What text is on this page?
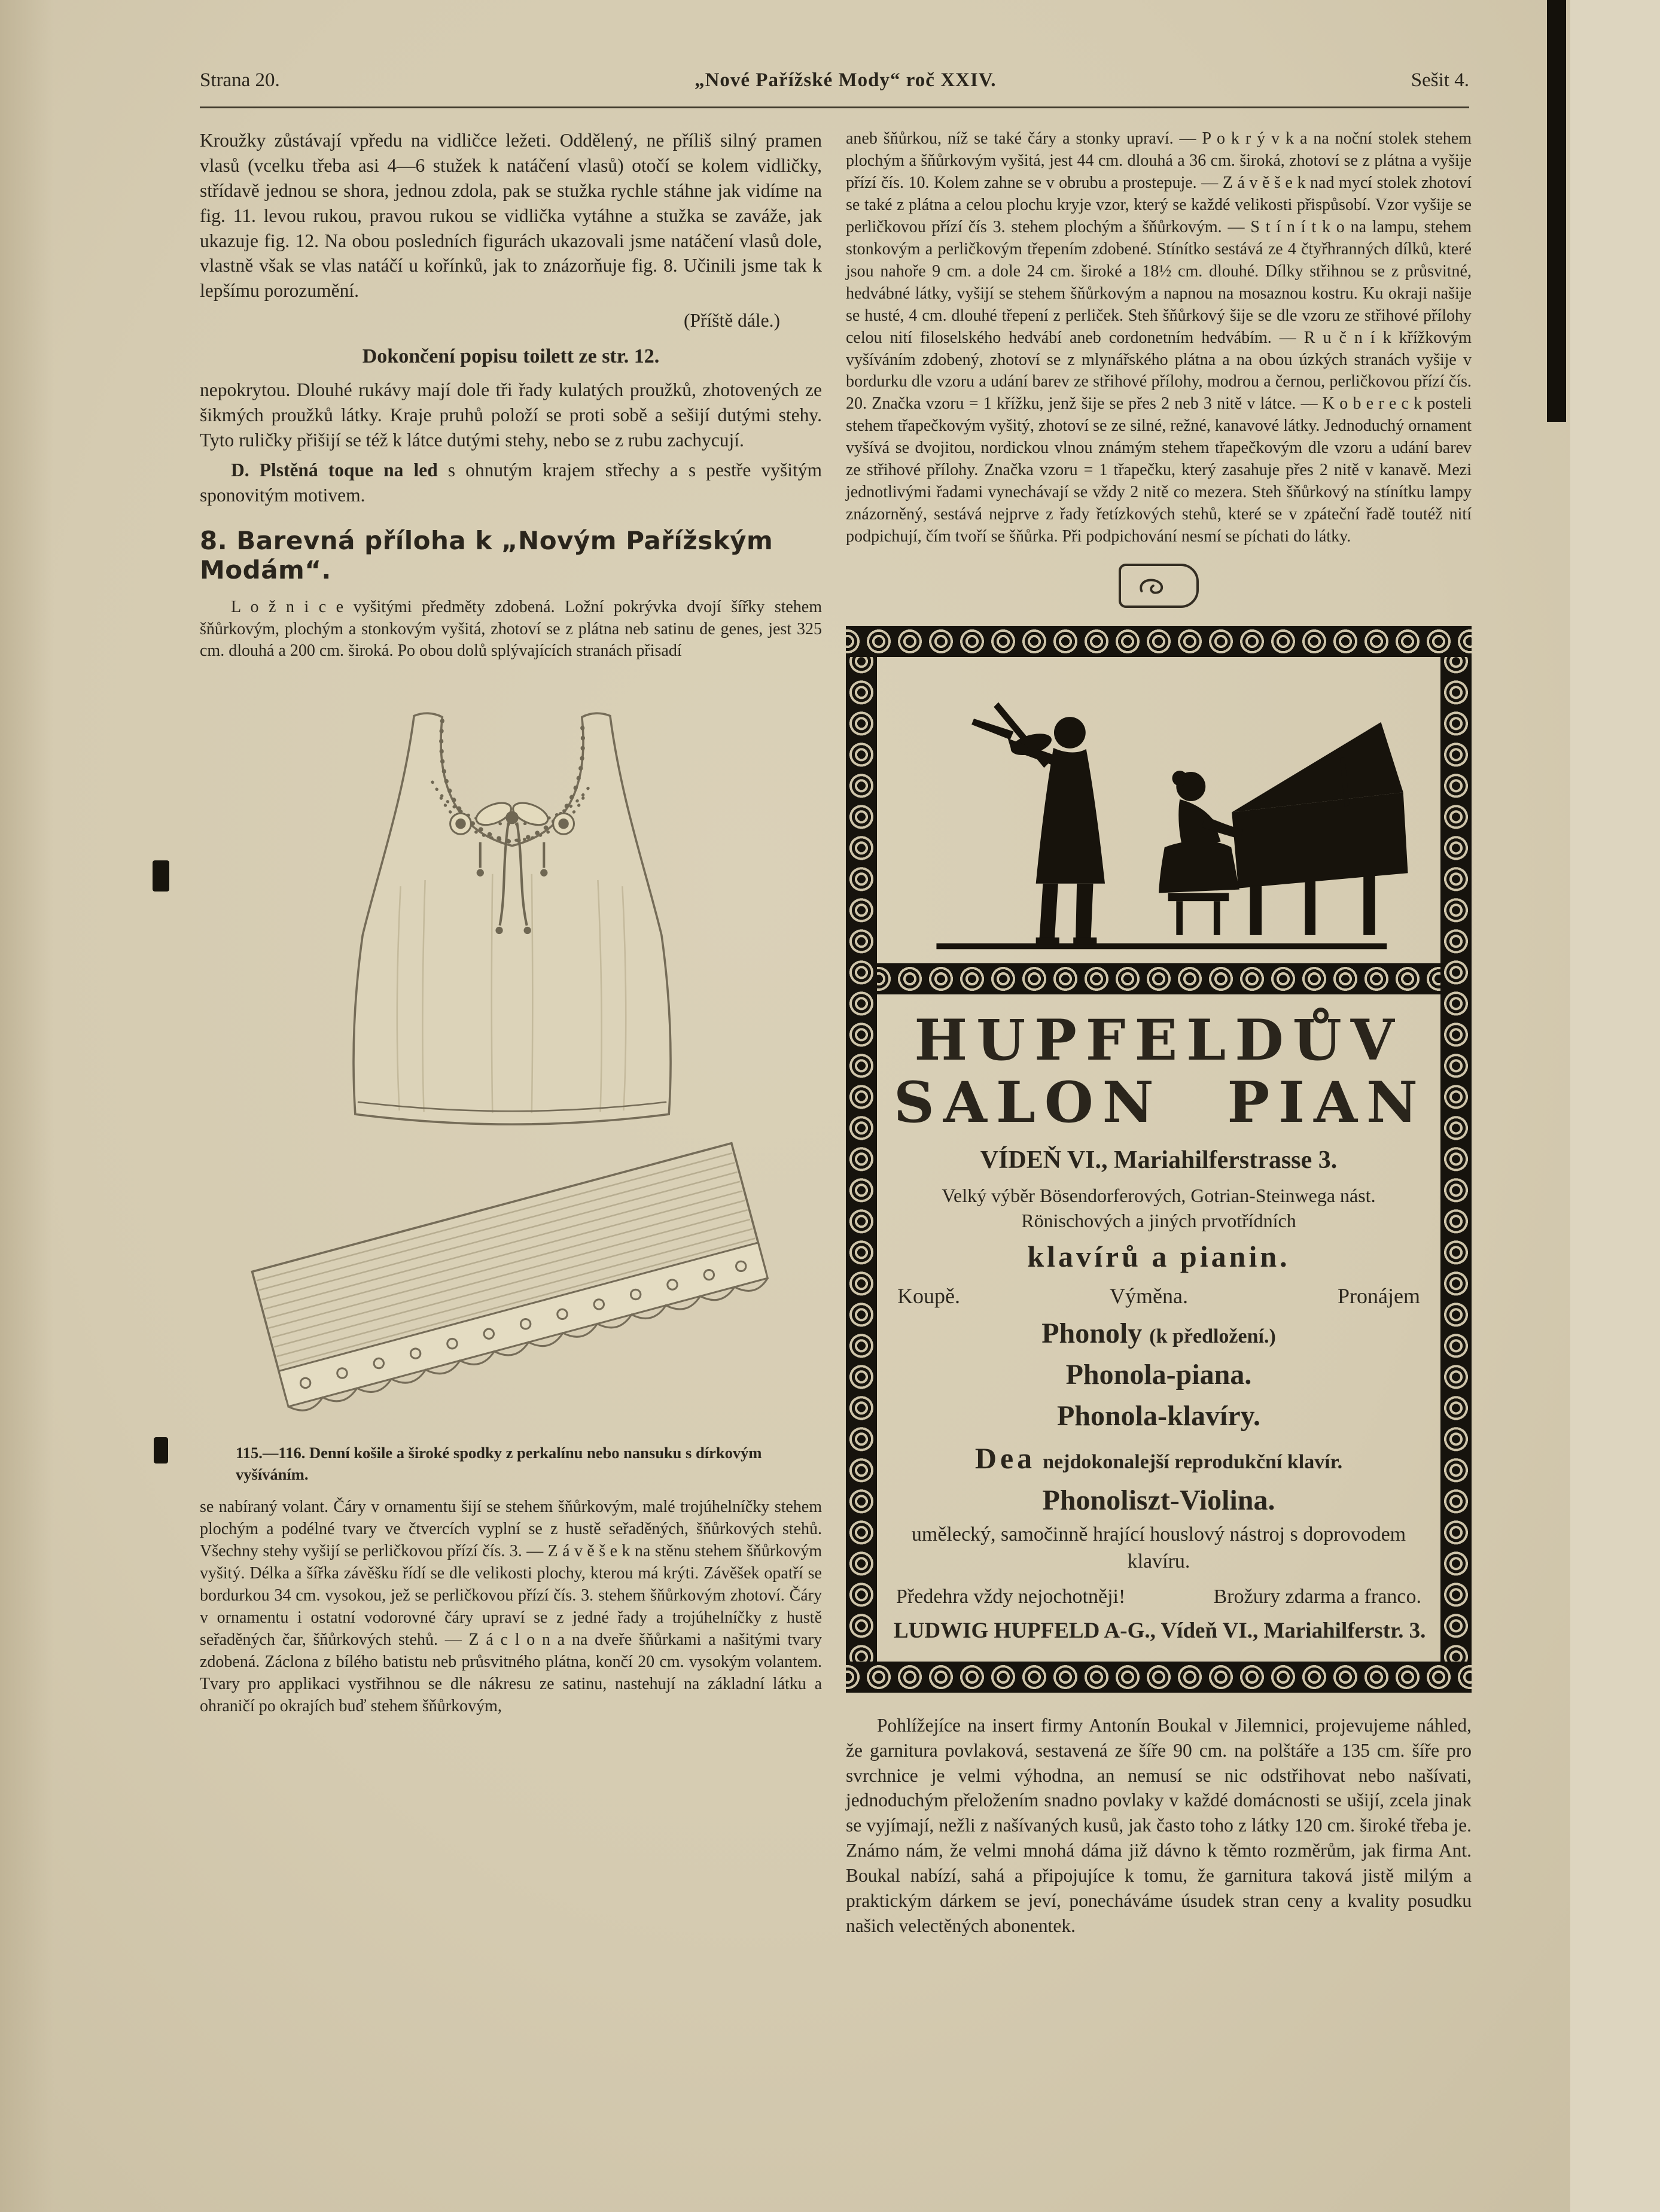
Strana 20.	„Nové Pařížské Mody“ roč XXIV.	Sešit 4.

Kroužky zůstávají vpředu na vidličce ležeti. Oddělený, ne příliš silný pramen vlasů (vcelku třeba asi 4—6 stužek k natáčení vlasů) otočí se kolem vidličky, střídavě jednou se shora, jednou zdola, pak se stužka rychle stáhne jak vidíme na fig. 11. levou rukou, pravou rukou se vidlička vytáhne a stužka se zaváže, jak ukazuje fig. 12. Na obou posledních figurách ukazovali jsme natáčení vlasů dole, vlastně však se vlas natáčí u kořínků, jak to znázorňuje fig. 8. Učinili jsme tak k lepšímu porozumění.

(Příště dále.)

Dokončení popisu toilett ze str. 12.

nepokrytou. Dlouhé rukávy mají dole tři řady kulatých proužků, zhotovených ze šikmých proužků látky. Kraje pruhů položí se proti sobě a sešijí dutými stehy. Tyto ruličky přišijí se též k látce dutými stehy, nebo se z rubu zachycují.

D. Plstěná toque na led s ohnutým krajem střechy a s pestře vyšitým sponovitým motivem.

8. Barevná příloha k „Novým Pařížským Modám“.

L o ž n i c e vyšitými předměty zdobená. Ložní pokrývka dvojí šířky stehem šňůrkovým, plochým a stonkovým vyšitá, zhotoví se z plátna neb satinu de genes, jest 325 cm. dlouhá a 200 cm. široká. Po obou dolů splývajících stranách přisadí

115.—116. Denní košile a široké spodky z perkalínu nebo nansuku s dírkovým vyšíváním.

se nabíraný volant. Čáry v ornamentu šijí se stehem šňůrkovým, malé trojúhelníčky stehem plochým a podélné tvary ve čtvercích vyplní se z hustě seřaděných, šňůrkových stehů. Všechny stehy vyšijí se perličkovou přízí čís. 3. — Z á v ě š e k na stěnu stehem šňůrkovým vyšitý. Délka a šířka závěšku řídí se dle velikosti plochy, kterou má krýti. Závěšek opatří se bordurkou 34 cm. vysokou, jež se perličkovou přízí čís. 3. stehem šňůrkovým zhotoví. Čáry v ornamentu i ostatní vodorovné čáry upraví se z jedné řady a trojúhelníčky z hustě seřaděných čar, šňůrkových stehů. — Z á c l o n a na dveře šňůrkami a našitými tvary zdobená. Záclona z bílého batistu neb průsvitného plátna, končí 20 cm. vysokým volantem. Tvary pro applikaci vystřihnou se dle nákresu ze satinu, nastehují na základní látku a ohraničí po okrajích buď stehem šňůrkovým,

aneb šňůrkou, níž se také čáry a stonky upraví. — P o k r ý v k a na noční stolek stehem plochým a šňůrkovým vyšitá, jest 44 cm. dlouhá a 36 cm. široká, zhotoví se z plátna a vyšije přízí čís. 10. Kolem zahne se v obrubu a prostepuje. — Z á v ě š e k nad mycí stolek zhotoví se také z plátna a celou plochu kryje vzor, který se každé velikosti přispůsobí. Vzor vyšije se perličkovou přízí čís 3. stehem plochým a šňůrkovým. — S t í n í t k o na lampu, stehem stonkovým a perličkovým třepením zdobené. Stínítko sestává ze 4 čtyřhranných dílků, které jsou nahoře 9 cm. a dole 24 cm. široké a 18½ cm. dlouhé. Dílky střihnou se z průsvitné, hedvábné látky, vyšijí se stehem šňůrkovým a napnou na mosaznou kostru. Ku okraji našije se husté, 4 cm. dlouhé třepení z perliček. Steh šňůrkový šije se dle vzoru ze střihové přílohy celou nití filoselského hedvábí aneb cordonetním hedvábím. — R u č n í k křížkovým vyšíváním zdobený, zhotoví se z mlynářského plátna a na obou úzkých stranách vyšije v bordurku dle vzoru a udání barev ze střihové přílohy, modrou a černou, perličkovou přízí čís. 20. Značka vzoru = 1 křížku, jenž šije se přes 2 neb 3 nitě v látce. — K o b e r e c k posteli stehem třapečkovým vyšitý, zhotoví se ze silné, režné, kanavové látky. Jednoduchý ornament vyšívá se dvojitou, nordickou vlnou známým stehem třapečkovým dle vzoru a udání barev ze střihové přílohy. Značka vzoru = 1 třapečku, který zasahuje přes 2 nitě v kanavě. Mezi jednotlivými řadami vynechávají se vždy 2 nitě co mezera. Steh šňůrkový na stínítku lampy znázorněný, sestává nejprve z řady řetízkových stehů, které se v zpáteční řadě toutéž nití podpichují, čím tvoří se šňůrka. Při podpichování nesmí se píchati do látky.

HUPFELDŮV
SALON PIAN
VÍDEŇ VI., Mariahilferstrasse 3.
Velký výběr Bösendorferových, Gotrian-Steinwega nást. Rönischových a jiných prvotřídních
klavírů a pianin.
Koupě.	Výměna.	Pronájem
Phonoly (k předložení.)
Phonola-piana.
Phonola-klavíry.
Dea nejdokonalejší reprodukční klavír.
Phonoliszt-Violina.
umělecký, samočinně hrající houslový nástroj s doprovodem klavíru.
Předehra vždy nejochotněji!	Brožury zdarma a franco.
LUDWIG HUPFELD A-G., Vídeň VI., Mariahilferstr. 3.

Pohlížejíce na insert firmy Antonín Boukal v Jilemnici, projevujeme náhled, že garnitura povlaková, sestavená ze šíře 90 cm. na polštáře a 135 cm. šíře pro svrchnice je velmi výhodna, an nemusí se nic odstřihovat nebo našívati, jednoduchým přeložením snadno povlaky v každé domácnosti se ušijí, zcela jinak se vyjímají, nežli z našívaných kusů, jak často toho z látky 120 cm. široké třeba je. Známo nám, že velmi mnohá dáma již dávno k těmto rozměrům, jak firma Ant. Boukal nabízí, sahá a připojujíce k tomu, že garnitura taková jistě milým a praktickým dárkem se jeví, ponecháváme úsudek stran ceny a kvality posudku našich velectěných abonentek.
